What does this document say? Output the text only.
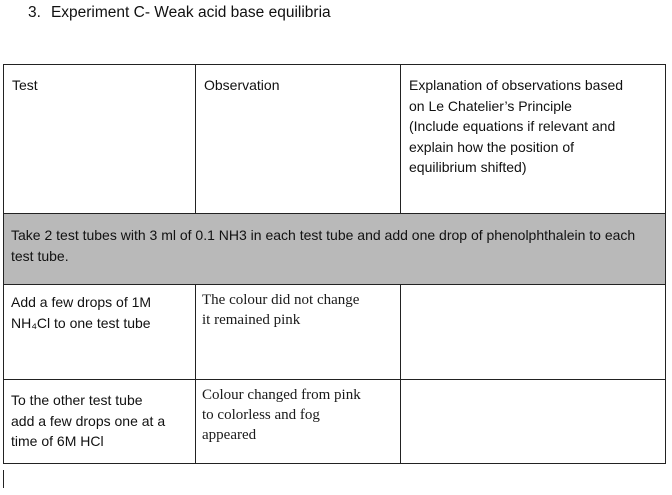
3. Experiment C- Weak acid base equilibria
Test	Observation	Explanation of observations based
on Le Chatelier’s Principle
(Include equations if relevant and
explain how the position of
equilibrium shifted)

Take 2 test tubes with 3 ml of 0.1 NH3 in each test tube and add one drop of phenolphthalein to each test tube.		

Add a few drops of 1M
NH₄Cl to one test tube	The colour did not change
it remained pink	

To the other test tube
add a few drops one at a
time of 6M HCl	Colour changed from pink
to colorless and fog
appeared	
